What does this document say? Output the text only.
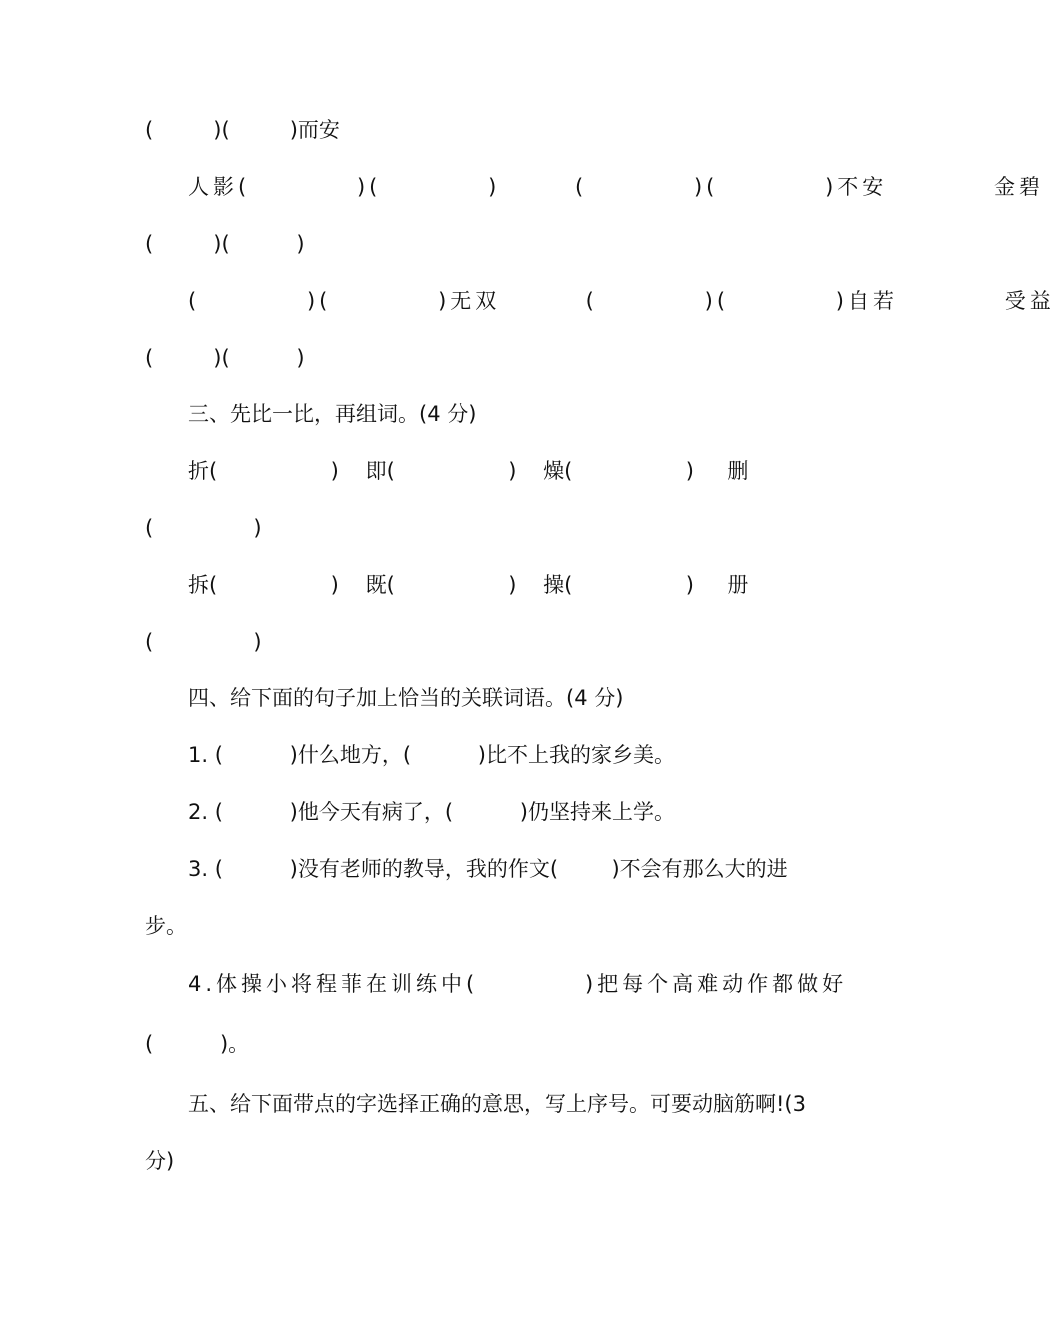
(         )(         )而安
人影(          )(          )       (          )(          )不安          金碧
(         )(          )
(          )(          )无双        (          )(          )自若          受益
(         )(          )
三、先比一比，再组词。(4 分)
折(                 )    即(                 )    燥(                 )     删
(               )
拆(                 )    既(                 )    操(                 )     册
(               )
四、给下面的句子加上恰当的关联词语。(4 分)
1. (          )什么地方，(          )比不上我的家乡美。
2. (          )他今天有病了，(          )仍坚持来上学。
3. (          )没有老师的教导，我的作文(        )不会有那么大的进
步。
4.体操小将程菲在训练中(          )把每个高难动作都做好
(          )。
五、给下面带点的字选择正确的意思，写上序号。可要动脑筋啊!(3
分)
